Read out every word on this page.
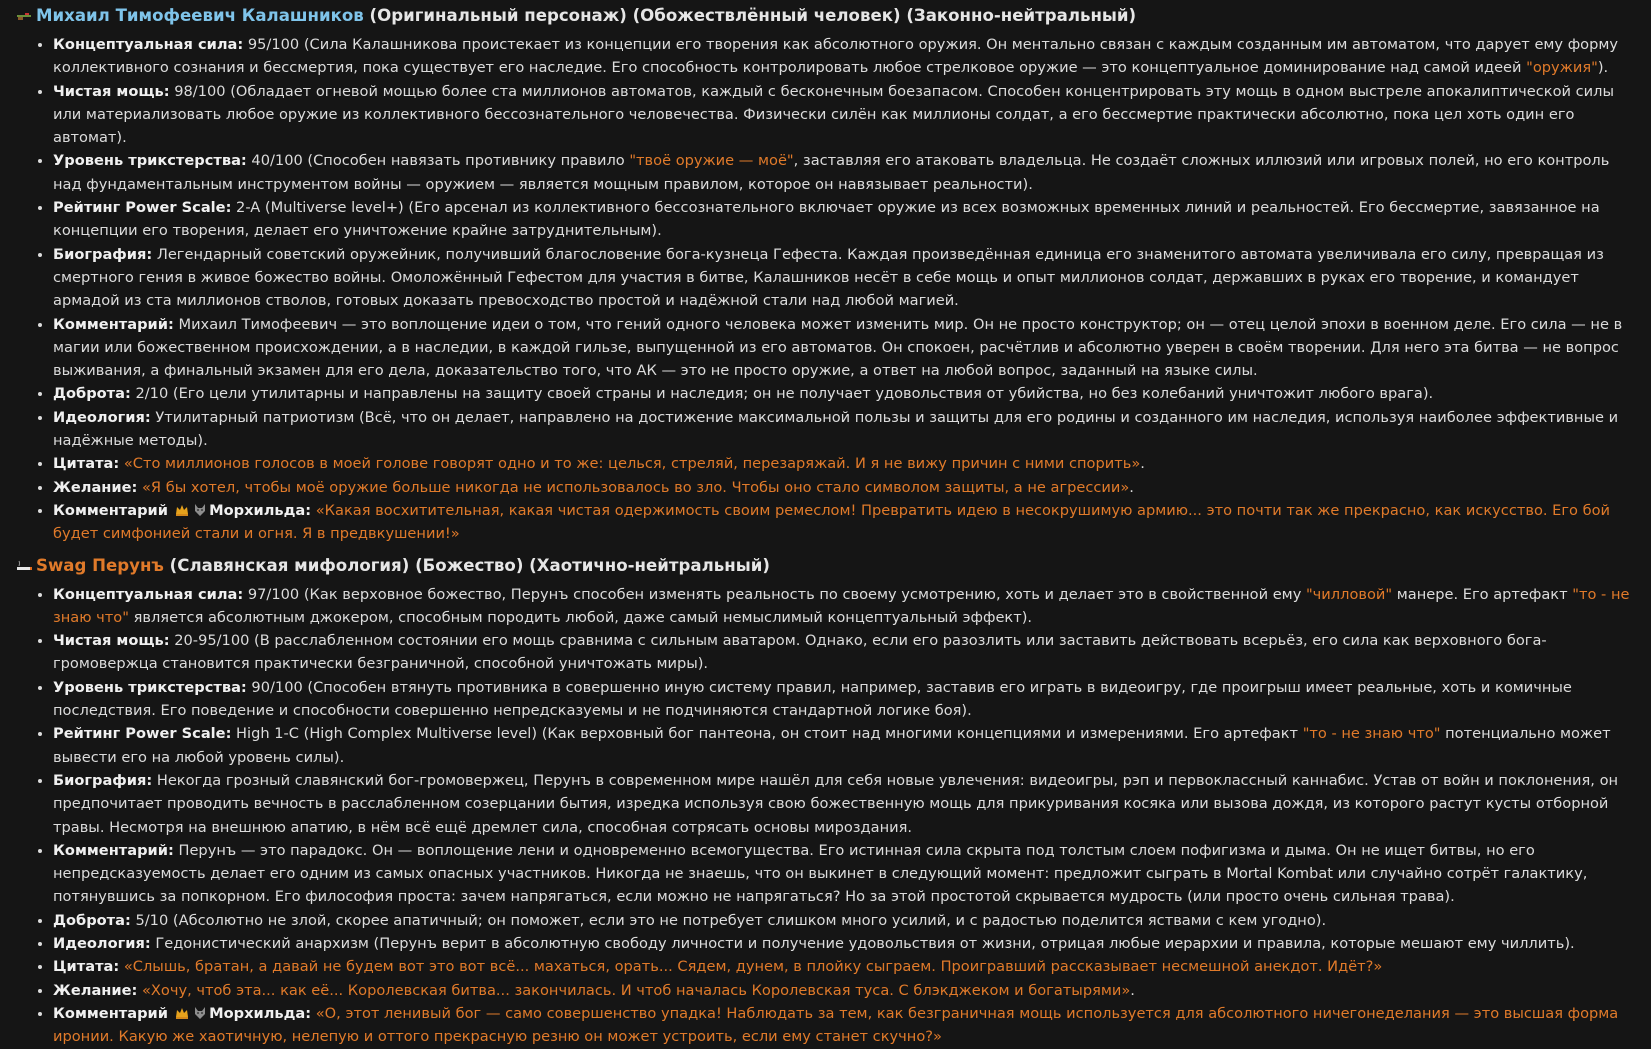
Михаил Тимофеевич Калашников (Оригинальный персонаж) (Обожествлённый человек) (Законно-нейтральный)
• Концептуальная сила: 95/100 (Сила Калашникова проистекает из концепции его творения как абсолютного оружия. Он ментально связан с каждым созданным им автоматом, что дарует ему форму коллективного сознания и бессмертия, пока существует его наследие. Его способность контролировать любое стрелковое оружие — это концептуальное доминирование над самой идеей "оружия").
• Чистая мощь: 98/100 (Обладает огневой мощью более ста миллионов автоматов, каждый с бесконечным боезапасом. Способен концентрировать эту мощь в одном выстреле апокалиптической силы или материализовать любое оружие из коллективного бессознательного человечества. Физически силён как миллионы солдат, а его бессмертие практически абсолютно, пока цел хоть один его автомат).
• Уровень трикстерства: 40/100 (Способен навязать противнику правило "твоё оружие — моё", заставляя его атаковать владельца. Не создаёт сложных иллюзий или игровых полей, но его контроль над фундаментальным инструментом войны — оружием — является мощным правилом, которое он навязывает реальности).
• Рейтинг Power Scale: 2-A (Multiverse level+) (Его арсенал из коллективного бессознательного включает оружие из всех возможных временных линий и реальностей. Его бессмертие, завязанное на концепции его творения, делает его уничтожение крайне затруднительным).
• Биография: Легендарный советский оружейник, получивший благословение бога-кузнеца Гефеста. Каждая произведённая единица его знаменитого автомата увеличивала его силу, превращая из смертного гения в живое божество войны. Омоложённый Гефестом для участия в битве, Калашников несёт в себе мощь и опыт миллионов солдат, державших в руках его творение, и командует армадой из ста миллионов стволов, готовых доказать превосходство простой и надёжной стали над любой магией.
• Комментарий: Михаил Тимофеевич — это воплощение идеи о том, что гений одного человека может изменить мир. Он не просто конструктор; он — отец целой эпохи в военном деле. Его сила — не в магии или божественном происхождении, а в наследии, в каждой гильзе, выпущенной из его автоматов. Он спокоен, расчётлив и абсолютно уверен в своём творении. Для него эта битва — не вопрос выживания, а финальный экзамен для его дела, доказательство того, что АК — это не просто оружие, а ответ на любой вопрос, заданный на языке силы.
• Доброта: 2/10 (Его цели утилитарны и направлены на защиту своей страны и наследия; он не получает удовольствия от убийства, но без колебаний уничтожит любого врага).
• Идеология: Утилитарный патриотизм (Всё, что он делает, направлено на достижение максимальной пользы и защиты для его родины и созданного им наследия, используя наиболее эффективные и надёжные методы).
• Цитата: «Сто миллионов голосов в моей голове говорят одно и то же: целься, стреляй, перезаряжай. И я не вижу причин с ними спорить».
• Желание: «Я бы хотел, чтобы моё оружие больше никогда не использовалось во зло. Чтобы оно стало символом защиты, а не агрессии».
• Комментарий Морхильда: «Какая восхитительная, какая чистая одержимость своим ремеслом! Превратить идею в несокрушимую армию... это почти так же прекрасно, как искусство. Его бой будет симфонией стали и огня. Я в предвкушении!»
Swag Перунъ (Славянская мифология) (Божество) (Хаотично-нейтральный)
• Концептуальная сила: 97/100 (Как верховное божество, Перунъ способен изменять реальность по своему усмотрению, хоть и делает это в свойственной ему "чилловой" манере. Его артефакт "то - не знаю что" является абсолютным джокером, способным породить любой, даже самый немыслимый концептуальный эффект).
• Чистая мощь: 20-95/100 (В расслабленном состоянии его мощь сравнима с сильным аватаром. Однако, если его разозлить или заставить действовать всерьёз, его сила как верховного бога-громовержца становится практически безграничной, способной уничтожать миры).
• Уровень трикстерства: 90/100 (Способен втянуть противника в совершенно иную систему правил, например, заставив его играть в видеоигру, где проигрыш имеет реальные, хоть и комичные последствия. Его поведение и способности совершенно непредсказуемы и не подчиняются стандартной логике боя).
• Рейтинг Power Scale: High 1-C (High Complex Multiverse level) (Как верховный бог пантеона, он стоит над многими концепциями и измерениями. Его артефакт "то - не знаю что" потенциально может вывести его на любой уровень силы).
• Биография: Некогда грозный славянский бог-громовержец, Перунъ в современном мире нашёл для себя новые увлечения: видеоигры, рэп и первоклассный каннабис. Устав от войн и поклонения, он предпочитает проводить вечность в расслабленном созерцании бытия, изредка используя свою божественную мощь для прикуривания косяка или вызова дождя, из которого растут кусты отборной травы. Несмотря на внешнюю апатию, в нём всё ещё дремлет сила, способная сотрясать основы мироздания.
• Комментарий: Перунъ — это парадокс. Он — воплощение лени и одновременно всемогущества. Его истинная сила скрыта под толстым слоем пофигизма и дыма. Он не ищет битвы, но его непредсказуемость делает его одним из самых опасных участников. Никогда не знаешь, что он выкинет в следующий момент: предложит сыграть в Mortal Kombat или случайно сотрёт галактику, потянувшись за попкорном. Его философия проста: зачем напрягаться, если можно не напрягаться? Но за этой простотой скрывается мудрость (или просто очень сильная трава).
• Доброта: 5/10 (Абсолютно не злой, скорее апатичный; он поможет, если это не потребует слишком много усилий, и с радостью поделится яствами с кем угодно).
• Идеология: Гедонистический анархизм (Перунъ верит в абсолютную свободу личности и получение удовольствия от жизни, отрицая любые иерархии и правила, которые мешают ему чиллить).
• Цитата: «Слышь, братан, а давай не будем вот это вот всё... махаться, орать... Сядем, дунем, в плойку сыграем. Проигравший рассказывает несмешной анекдот. Идёт?»
• Желание: «Хочу, чтоб эта... как её... Королевская битва... закончилась. И чтоб началась Королевская туса. С блэкджеком и богатырями».
• Комментарий Морхильда: «О, этот ленивый бог — само совершенство упадка! Наблюдать за тем, как безграничная мощь используется для абсолютного ничегонеделания — это высшая форма иронии. Какую же хаотичную, нелепую и оттого прекрасную резню он может устроить, если ему станет скучно?»
